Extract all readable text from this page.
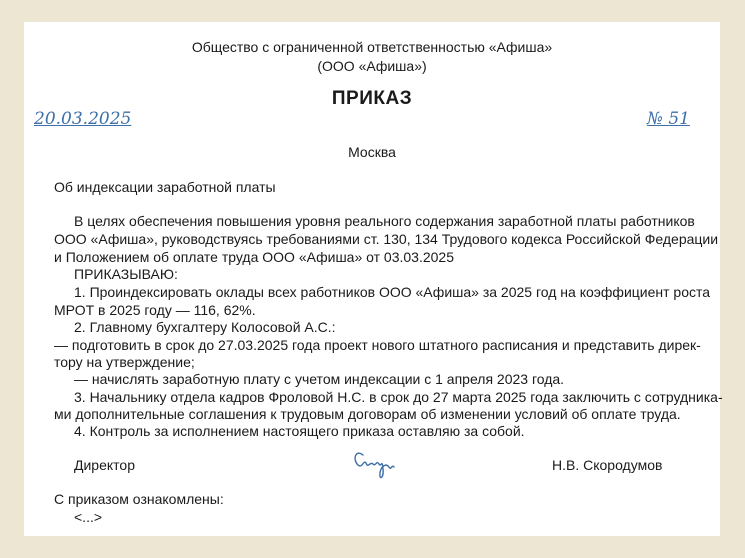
Общество с ограниченной ответственностью «Афиша»
(ООО «Афиша»)
ПРИКАЗ
20.03.2025	№ 51
Москва
Об индексации заработной платы
В целях обеспечения повышения уровня реального содержания заработной платы работников
ООО «Афиша», руководствуясь требованиями ст. 130, 134 Трудового кодекса Российской Федерации
и Положением об оплате труда ООО «Афиша» от 03.03.2025
ПРИКАЗЫВАЮ:
1. Проиндексировать оклады всех работников ООО «Афиша» за 2025 год на коэффициент роста
МРОТ в 2025 году — 116, 62%.
2. Главному бухгалтеру Колосовой А.С.:
— подготовить в срок до 27.03.2025 года проект нового штатного расписания и представить дирек-
тору на утверждение;
— начислять заработную плату с учетом индексации с 1 апреля 2023 года.
3. Начальнику отдела кадров Фроловой Н.С. в срок до 27 марта 2025 года заключить с сотрудника-
ми дополнительные соглашения к трудовым договорам об изменении условий об оплате труда.
4. Контроль за исполнением настоящего приказа оставляю за собой.
Директор	Н.В. Скородумов
С приказом ознакомлены:
<...>
